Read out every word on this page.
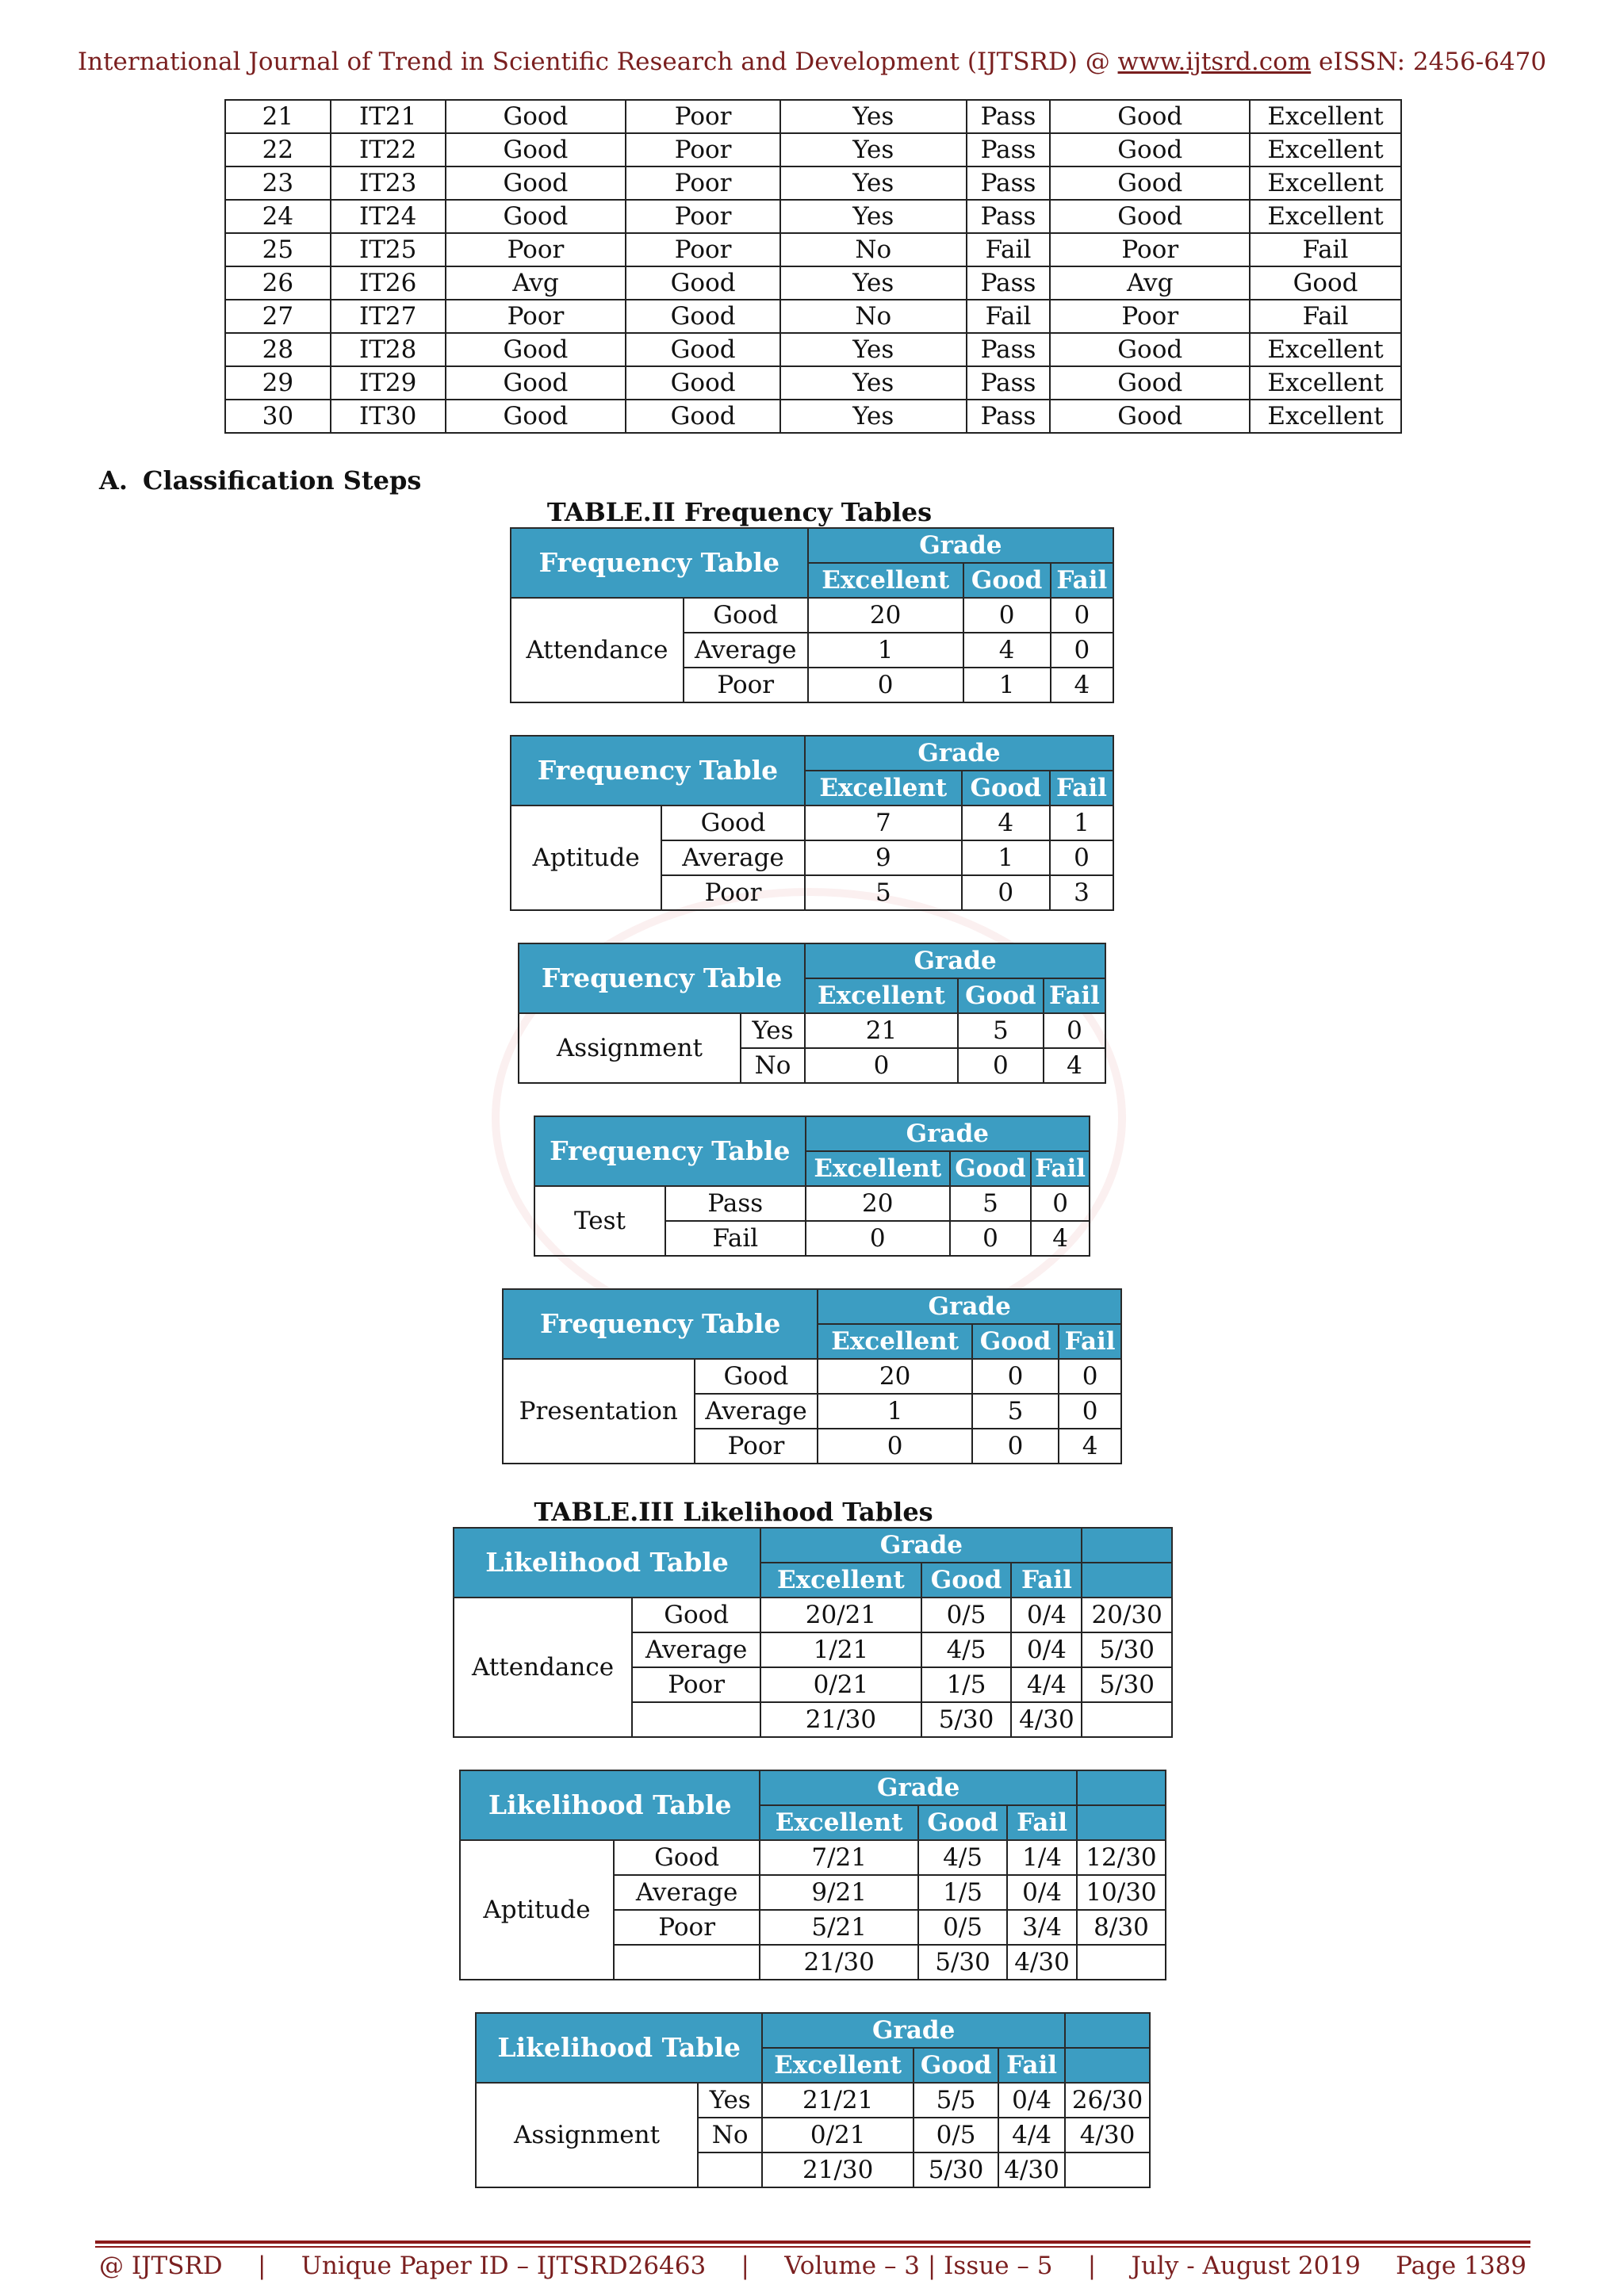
International Journal of Trend in Scientific Research and Development (IJTSRD) @ www.ijtsrd.com eISSN: 2456-6470
21	IT21	Good	Poor	Yes	Pass	Good	Excellent
22	IT22	Good	Poor	Yes	Pass	Good	Excellent
23	IT23	Good	Poor	Yes	Pass	Good	Excellent
24	IT24	Good	Poor	Yes	Pass	Good	Excellent
25	IT25	Poor	Poor	No	Fail	Poor	Fail
26	IT26	Avg	Good	Yes	Pass	Avg	Good
27	IT27	Poor	Good	No	Fail	Poor	Fail
28	IT28	Good	Good	Yes	Pass	Good	Excellent
29	IT29	Good	Good	Yes	Pass	Good	Excellent
30	IT30	Good	Good	Yes	Pass	Good	Excellent
A. Classification Steps
TABLE.II Frequency Tables
Frequency Table		Grade		
		Excellent	Good	Fail
Attendance	Good	20	0	0
	Average	1	4	0
	Poor	0	1	4
Frequency Table		Grade		
		Excellent	Good	Fail
Aptitude	Good	7	4	1
	Average	9	1	0
	Poor	5	0	3
Frequency Table		Grade		
		Excellent	Good	Fail
Assignment	Yes	21	5	0
	No	0	0	4
Frequency Table		Grade		
		Excellent	Good	Fail
Test	Pass	20	5	0
	Fail	0	0	4
Frequency Table		Grade		
		Excellent	Good	Fail
Presentation	Good	20	0	0
	Average	1	5	0
	Poor	0	0	4
TABLE.III Likelihood Tables
Likelihood Table		Grade			
		Excellent	Good	Fail	
Attendance	Good	20/21	0/5	0/4	20/30
	Average	1/21	4/5	0/4	5/30
	Poor	0/21	1/5	4/4	5/30
		21/30	5/30	4/30	
Likelihood Table		Grade			
		Excellent	Good	Fail	
Aptitude	Good	7/21	4/5	1/4	12/30
	Average	9/21	1/5	0/4	10/30
	Poor	5/21	0/5	3/4	8/30
		21/30	5/30	4/30	
Likelihood Table		Grade			
		Excellent	Good	Fail	
Assignment	Yes	21/21	5/5	0/4	26/30
	No	0/21	0/5	4/4	4/30
		21/30	5/30	4/30	
@ IJTSRD | Unique Paper ID – IJTSRD26463 | Volume – 3 | Issue – 5 | July - August 2019 Page 1389
